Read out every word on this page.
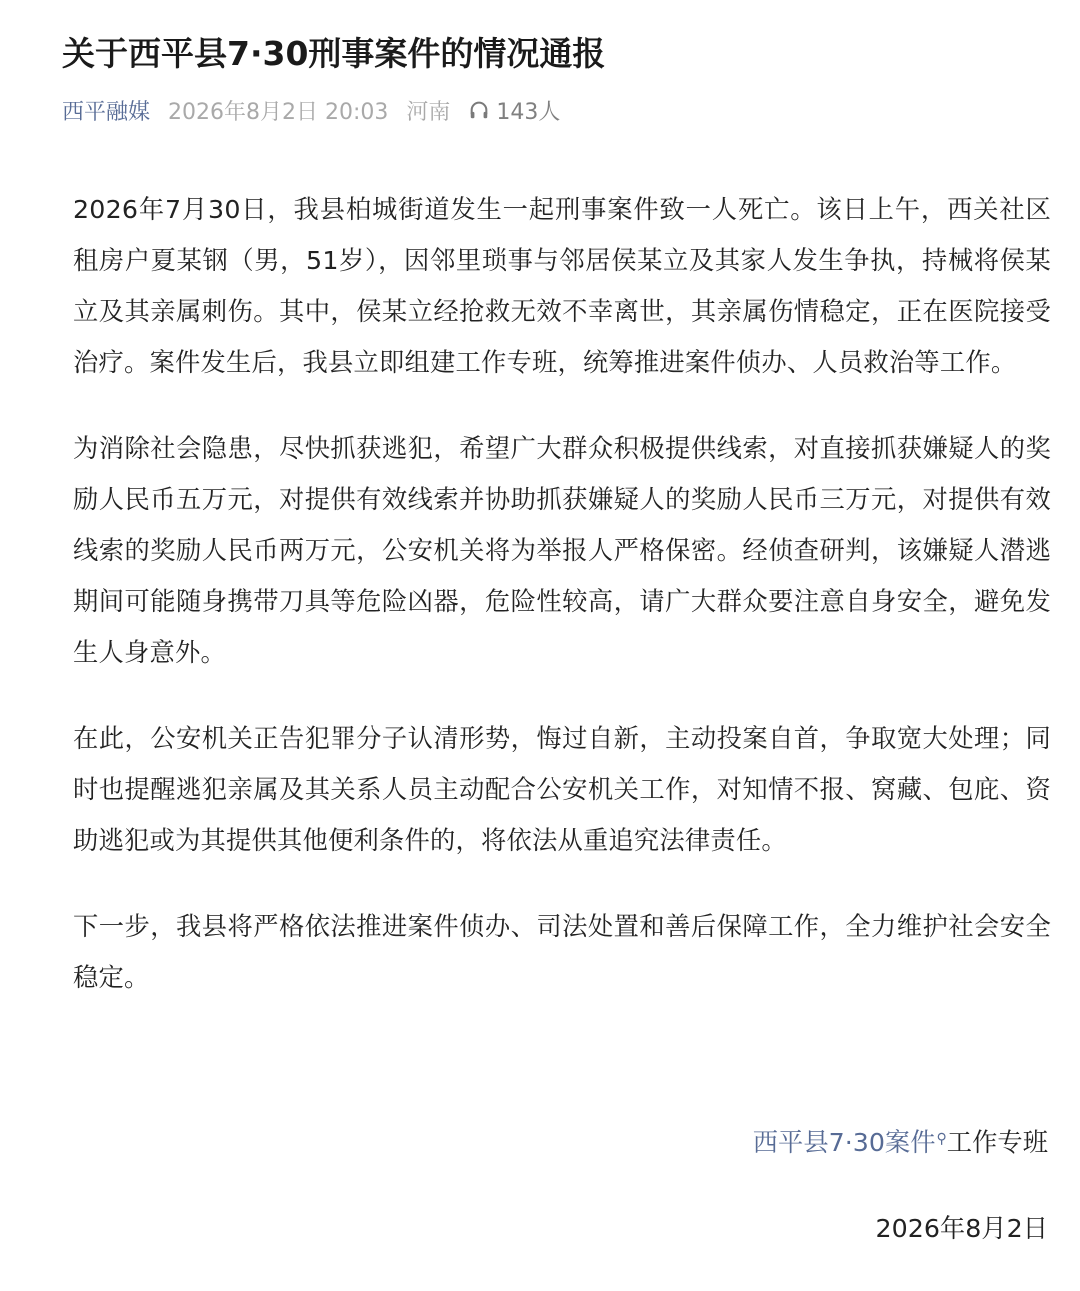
关于西平县7·30刑事案件的情况通报
西平融媒 2026年8月2日 20:03 河南 143人

2026年7月30日，我县柏城街道发生一起刑事案件致一人死亡。该日上午，西关社区租房户夏某钢（男，51岁），因邻里琐事与邻居侯某立及其家人发生争执，持械将侯某立及其亲属刺伤。其中，侯某立经抢救无效不幸离世，其亲属伤情稳定，正在医院接受治疗。案件发生后，我县立即组建工作专班，统筹推进案件侦办、人员救治等工作。

为消除社会隐患，尽快抓获逃犯，希望广大群众积极提供线索，对直接抓获嫌疑人的奖励人民币五万元，对提供有效线索并协助抓获嫌疑人的奖励人民币三万元，对提供有效线索的奖励人民币两万元，公安机关将为举报人严格保密。经侦查研判，该嫌疑人潜逃期间可能随身携带刀具等危险凶器，危险性较高，请广大群众要注意自身安全，避免发生人身意外。

在此，公安机关正告犯罪分子认清形势，悔过自新，主动投案自首，争取宽大处理；同时也提醒逃犯亲属及其关系人员主动配合公安机关工作，对知情不报、窝藏、包庇、资助逃犯或为其提供其他便利条件的，将依法从重追究法律责任。

下一步，我县将严格依法推进案件侦办、司法处置和善后保障工作，全力维护社会安全稳定。

西平县7·30案件⚲工作专班
2026年8月2日
